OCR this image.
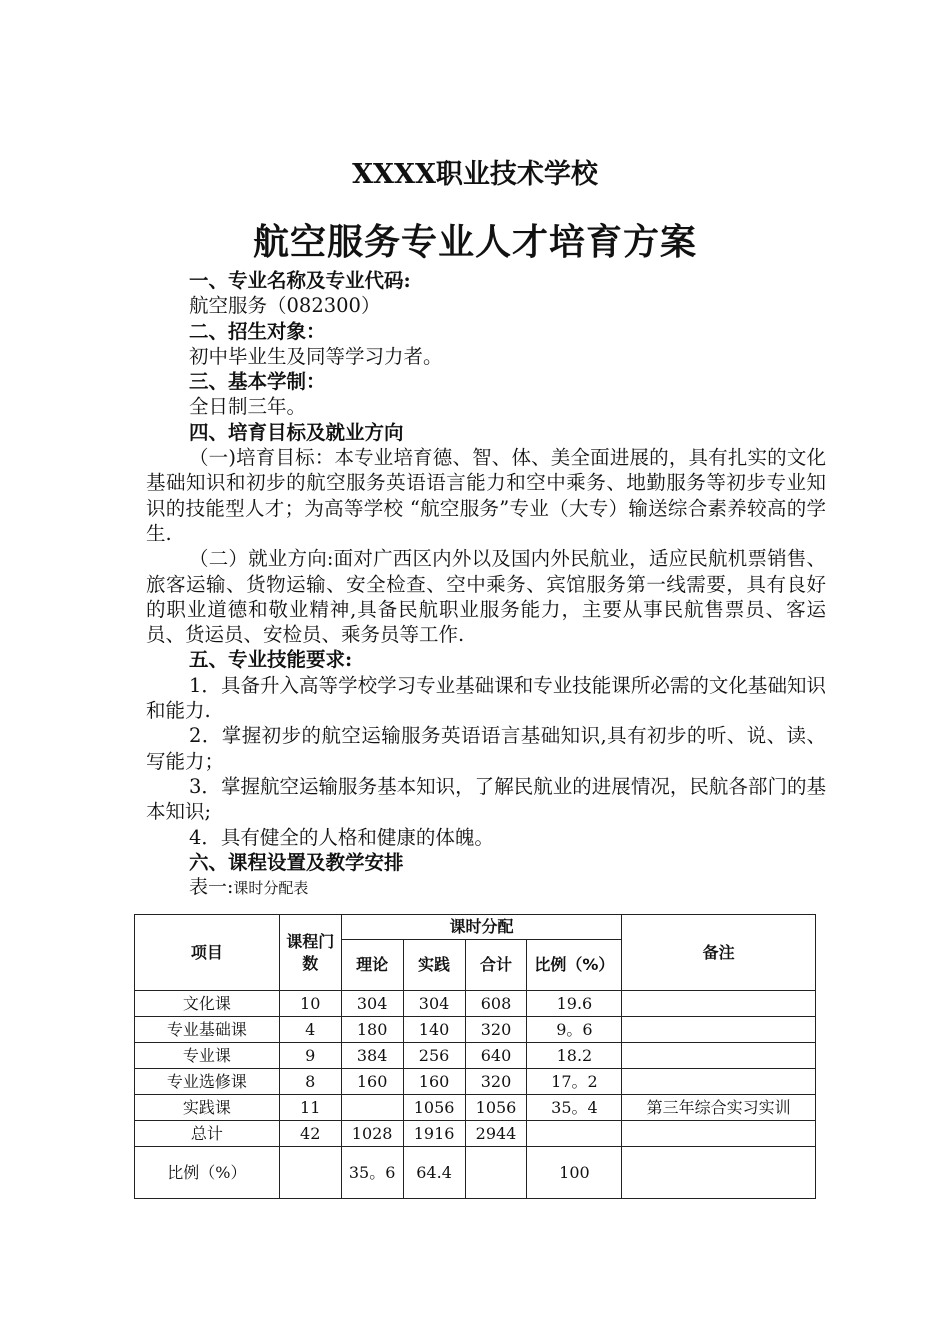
XXXX职业技术学校
航空服务专业人才培育方案

一、专业名称及专业代码:

航空服务（082300）

二、招生对象：

初中毕业生及同等学习力者。

三、基本学制：

全日制三年。

四、培育目标及就业方向

（一)培育目标：本专业培育德、智、体、美全面进展的，具有扎实的文化基础知识和初步的航空服务英语语言能力和空中乘务、地勤服务等初步专业知识的技能型人才；为高等学校 “航空服务”专业（大专）输送综合素养较高的学生.

（二）就业方向:面对广西区内外以及国内外民航业，适应民航机票销售、旅客运输、货物运输、安全检查、空中乘务、宾馆服务第一线需要，具有良好的职业道德和敬业精神,具备民航职业服务能力，主要从事民航售票员、客运员、货运员、安检员、乘务员等工作.

五、专业技能要求:

1．具备升入高等学校学习专业基础课和专业技能课所必需的文化基础知识和能力.

2．掌握初步的航空运输服务英语语言基础知识,具有初步的听、说、读、写能力；

3．掌握航空运输服务基本知识，了解民航业的进展情况，民航各部门的基本知识;

4．具有健全的人格和健康的体魄。

六、课程设置及教学安排

表一:课时分配表

项目	课程门数	课时分配				备注
		理论	实践	合计	比例（%）	
文化课	10	304	304	608	19.6	
专业基础课	4	180	140	320	9。6	
专业课	9	384	256	640	18.2	
专业选修课	8	160	160	320	17。2	
实践课	11		1056	1056	35。4	第三年综合实习实训
总计	42	1028	1916	2944		
比例（%）		35。6	64.4		100	
